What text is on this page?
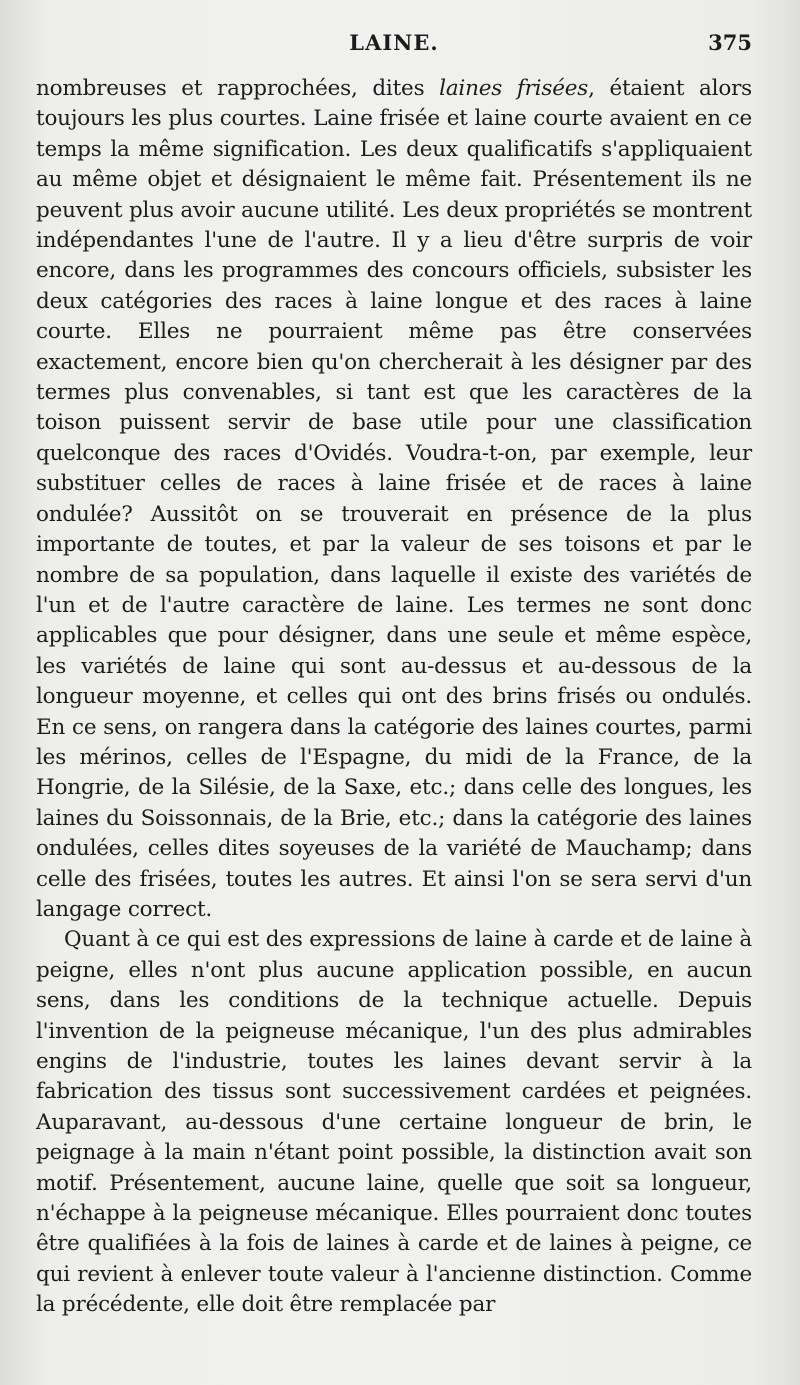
LAINE.	375

nombreuses et rapprochées, dites laines frisées, étaient alors toujours les plus courtes. Laine frisée et laine courte avaient en ce temps la même signification. Les deux qualificatifs s'appliquaient au même objet et désignaient le même fait. Présentement ils ne peuvent plus avoir aucune utilité. Les deux propriétés se montrent indépendantes l'une de l'autre. Il y a lieu d'être surpris de voir encore, dans les programmes des concours officiels, subsister les deux catégories des races à laine longue et des races à laine courte. Elles ne pourraient même pas être conservées exactement, encore bien qu'on chercherait à les désigner par des termes plus convenables, si tant est que les caractères de la toison puissent servir de base utile pour une classification quelconque des races d'Ovidés. Voudra-t-on, par exemple, leur substituer celles de races à laine frisée et de races à laine ondulée? Aussitôt on se trouverait en présence de la plus importante de toutes, et par la valeur de ses toisons et par le nombre de sa population, dans laquelle il existe des variétés de l'un et de l'autre caractère de laine. Les termes ne sont donc applicables que pour désigner, dans une seule et même espèce, les variétés de laine qui sont au-dessus et au-dessous de la longueur moyenne, et celles qui ont des brins frisés ou ondulés. En ce sens, on rangera dans la catégorie des laines courtes, parmi les mérinos, celles de l'Espagne, du midi de la France, de la Hongrie, de la Silésie, de la Saxe, etc.; dans celle des longues, les laines du Soissonnais, de la Brie, etc.; dans la catégorie des laines ondulées, celles dites soyeuses de la variété de Mauchamp; dans celle des frisées, toutes les autres. Et ainsi l'on se sera servi d'un langage correct.

Quant à ce qui est des expressions de laine à carde et de laine à peigne, elles n'ont plus aucune application possible, en aucun sens, dans les conditions de la technique actuelle. Depuis l'invention de la peigneuse mécanique, l'un des plus admirables engins de l'industrie, toutes les laines devant servir à la fabrication des tissus sont successivement cardées et peignées. Auparavant, au-dessous d'une certaine longueur de brin, le peignage à la main n'étant point possible, la distinction avait son motif. Présentement, aucune laine, quelle que soit sa longueur, n'échappe à la peigneuse mécanique. Elles pourraient donc toutes être qualifiées à la fois de laines à carde et de laines à peigne, ce qui revient à enlever toute valeur à l'ancienne distinction. Comme la précédente, elle doit être remplacée par
